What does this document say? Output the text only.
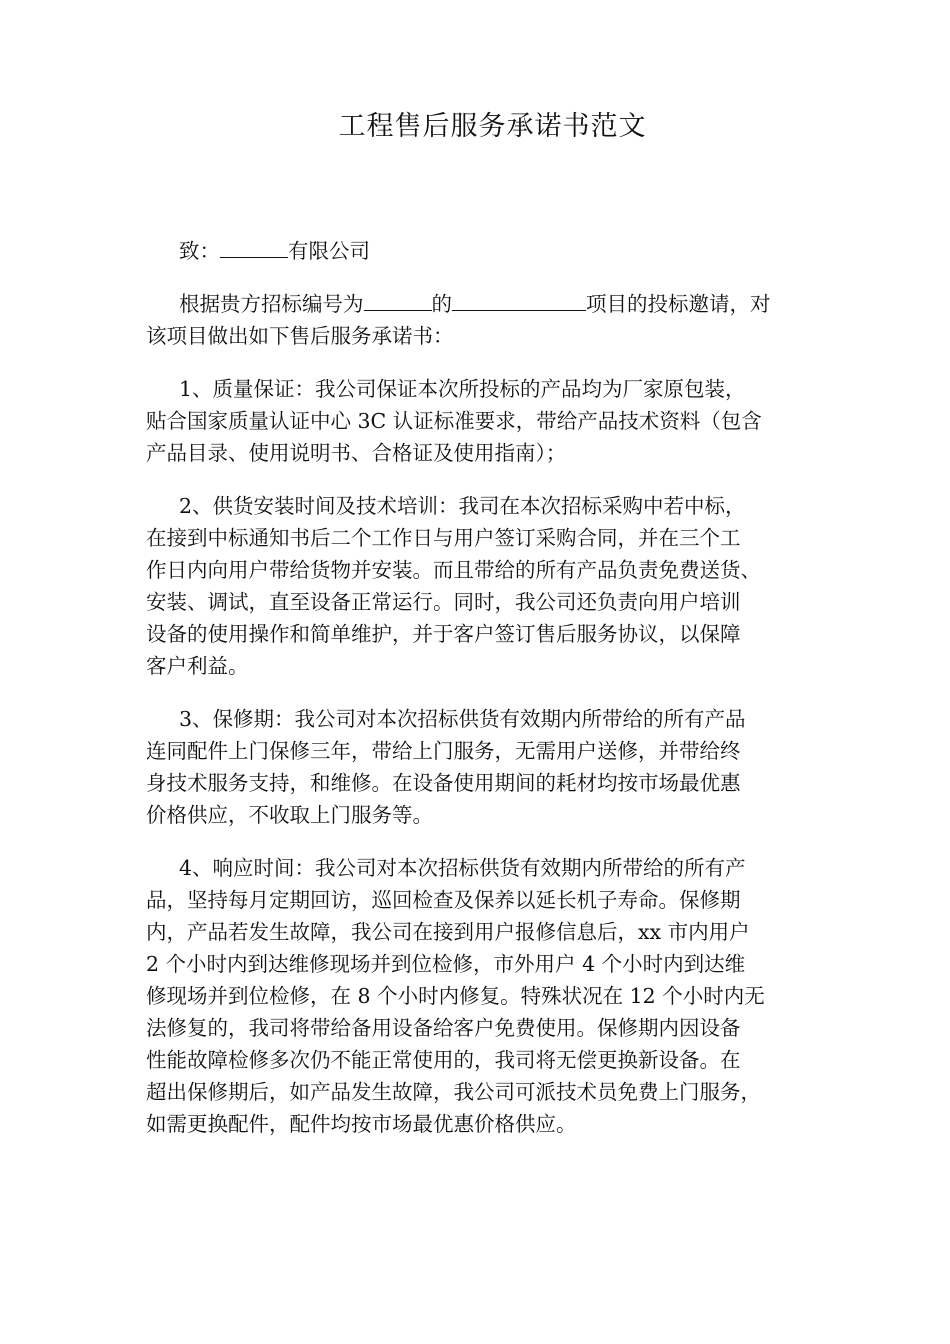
工程售后服务承诺书范文
致：	有限公司
根据贵方招标编号为	的	项目的投标邀请，对
该项目做出如下售后服务承诺书：
1、质量保证：我公司保证本次所投标的产品均为厂家原包装，
贴合国家质量认证中心 3C 认证标准要求，带给产品技术资料（包含
产品目录、使用说明书、合格证及使用指南）；
2、供货安装时间及技术培训：我司在本次招标采购中若中标，
在接到中标通知书后二个工作日与用户签订采购合同，并在三个工
作日内向用户带给货物并安装。而且带给的所有产品负责免费送货、
安装、调试，直至设备正常运行。同时，我公司还负责向用户培训
设备的使用操作和简单维护，并于客户签订售后服务协议，以保障
客户利益。
3、保修期：我公司对本次招标供货有效期内所带给的所有产品
连同配件上门保修三年，带给上门服务，无需用户送修，并带给终
身技术服务支持，和维修。在设备使用期间的耗材均按市场最优惠
价格供应，不收取上门服务等。
4、响应时间：我公司对本次招标供货有效期内所带给的所有产
品，坚持每月定期回访，巡回检查及保养以延长机子寿命。保修期
内，产品若发生故障，我公司在接到用户报修信息后，xx 市内用户
2 个小时内到达维修现场并到位检修，市外用户 4 个小时内到达维
修现场并到位检修，在 8 个小时内修复。特殊状况在 12 个小时内无
法修复的，我司将带给备用设备给客户免费使用。保修期内因设备
性能故障检修多次仍不能正常使用的，我司将无偿更换新设备。在
超出保修期后，如产品发生故障，我公司可派技术员免费上门服务，
如需更换配件，配件均按市场最优惠价格供应。
